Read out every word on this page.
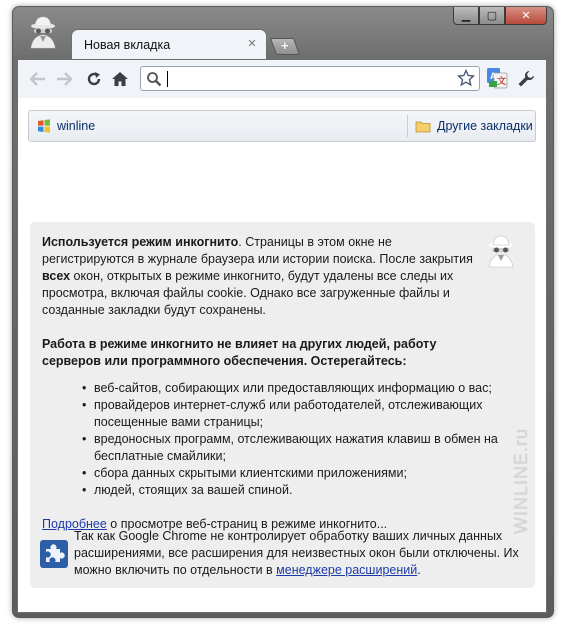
▁ ▢ ✕
Новая вкладка	✕	+
A 文
winline	Другие закладки

Используется режим инкогнито. Страницы в этом окне не регистрируются в журнале браузера или истории поиска. После закрытия всех окон, открытых в режиме инкогнито, будут удалены все следы их просмотра, включая файлы cookie. Однако все загруженные файлы и созданные закладки будут сохранены.

Работа в режиме инкогнито не влияет на других людей, работу серверов или программного обеспечения. Остерегайтесь:

• веб-сайтов, собирающих или предоставляющих информацию о вас;
• провайдеров интернет-служб или работодателей, отслеживающих посещенные вами страницы;
• вредоносных программ, отслеживающих нажатия клавиш в обмен на бесплатные смайлики;
• сбора данных скрытыми клиентскими приложениями;
• людей, стоящих за вашей спиной.

Подробнее о просмотре веб-страниц в режиме инкогнито...

Так как Google Chrome не контролирует обработку ваших личных данных расширениями, все расширения для неизвестных окон были отключены. Их можно включить по отдельности в менеджере расширений.

WINLINE.ru
